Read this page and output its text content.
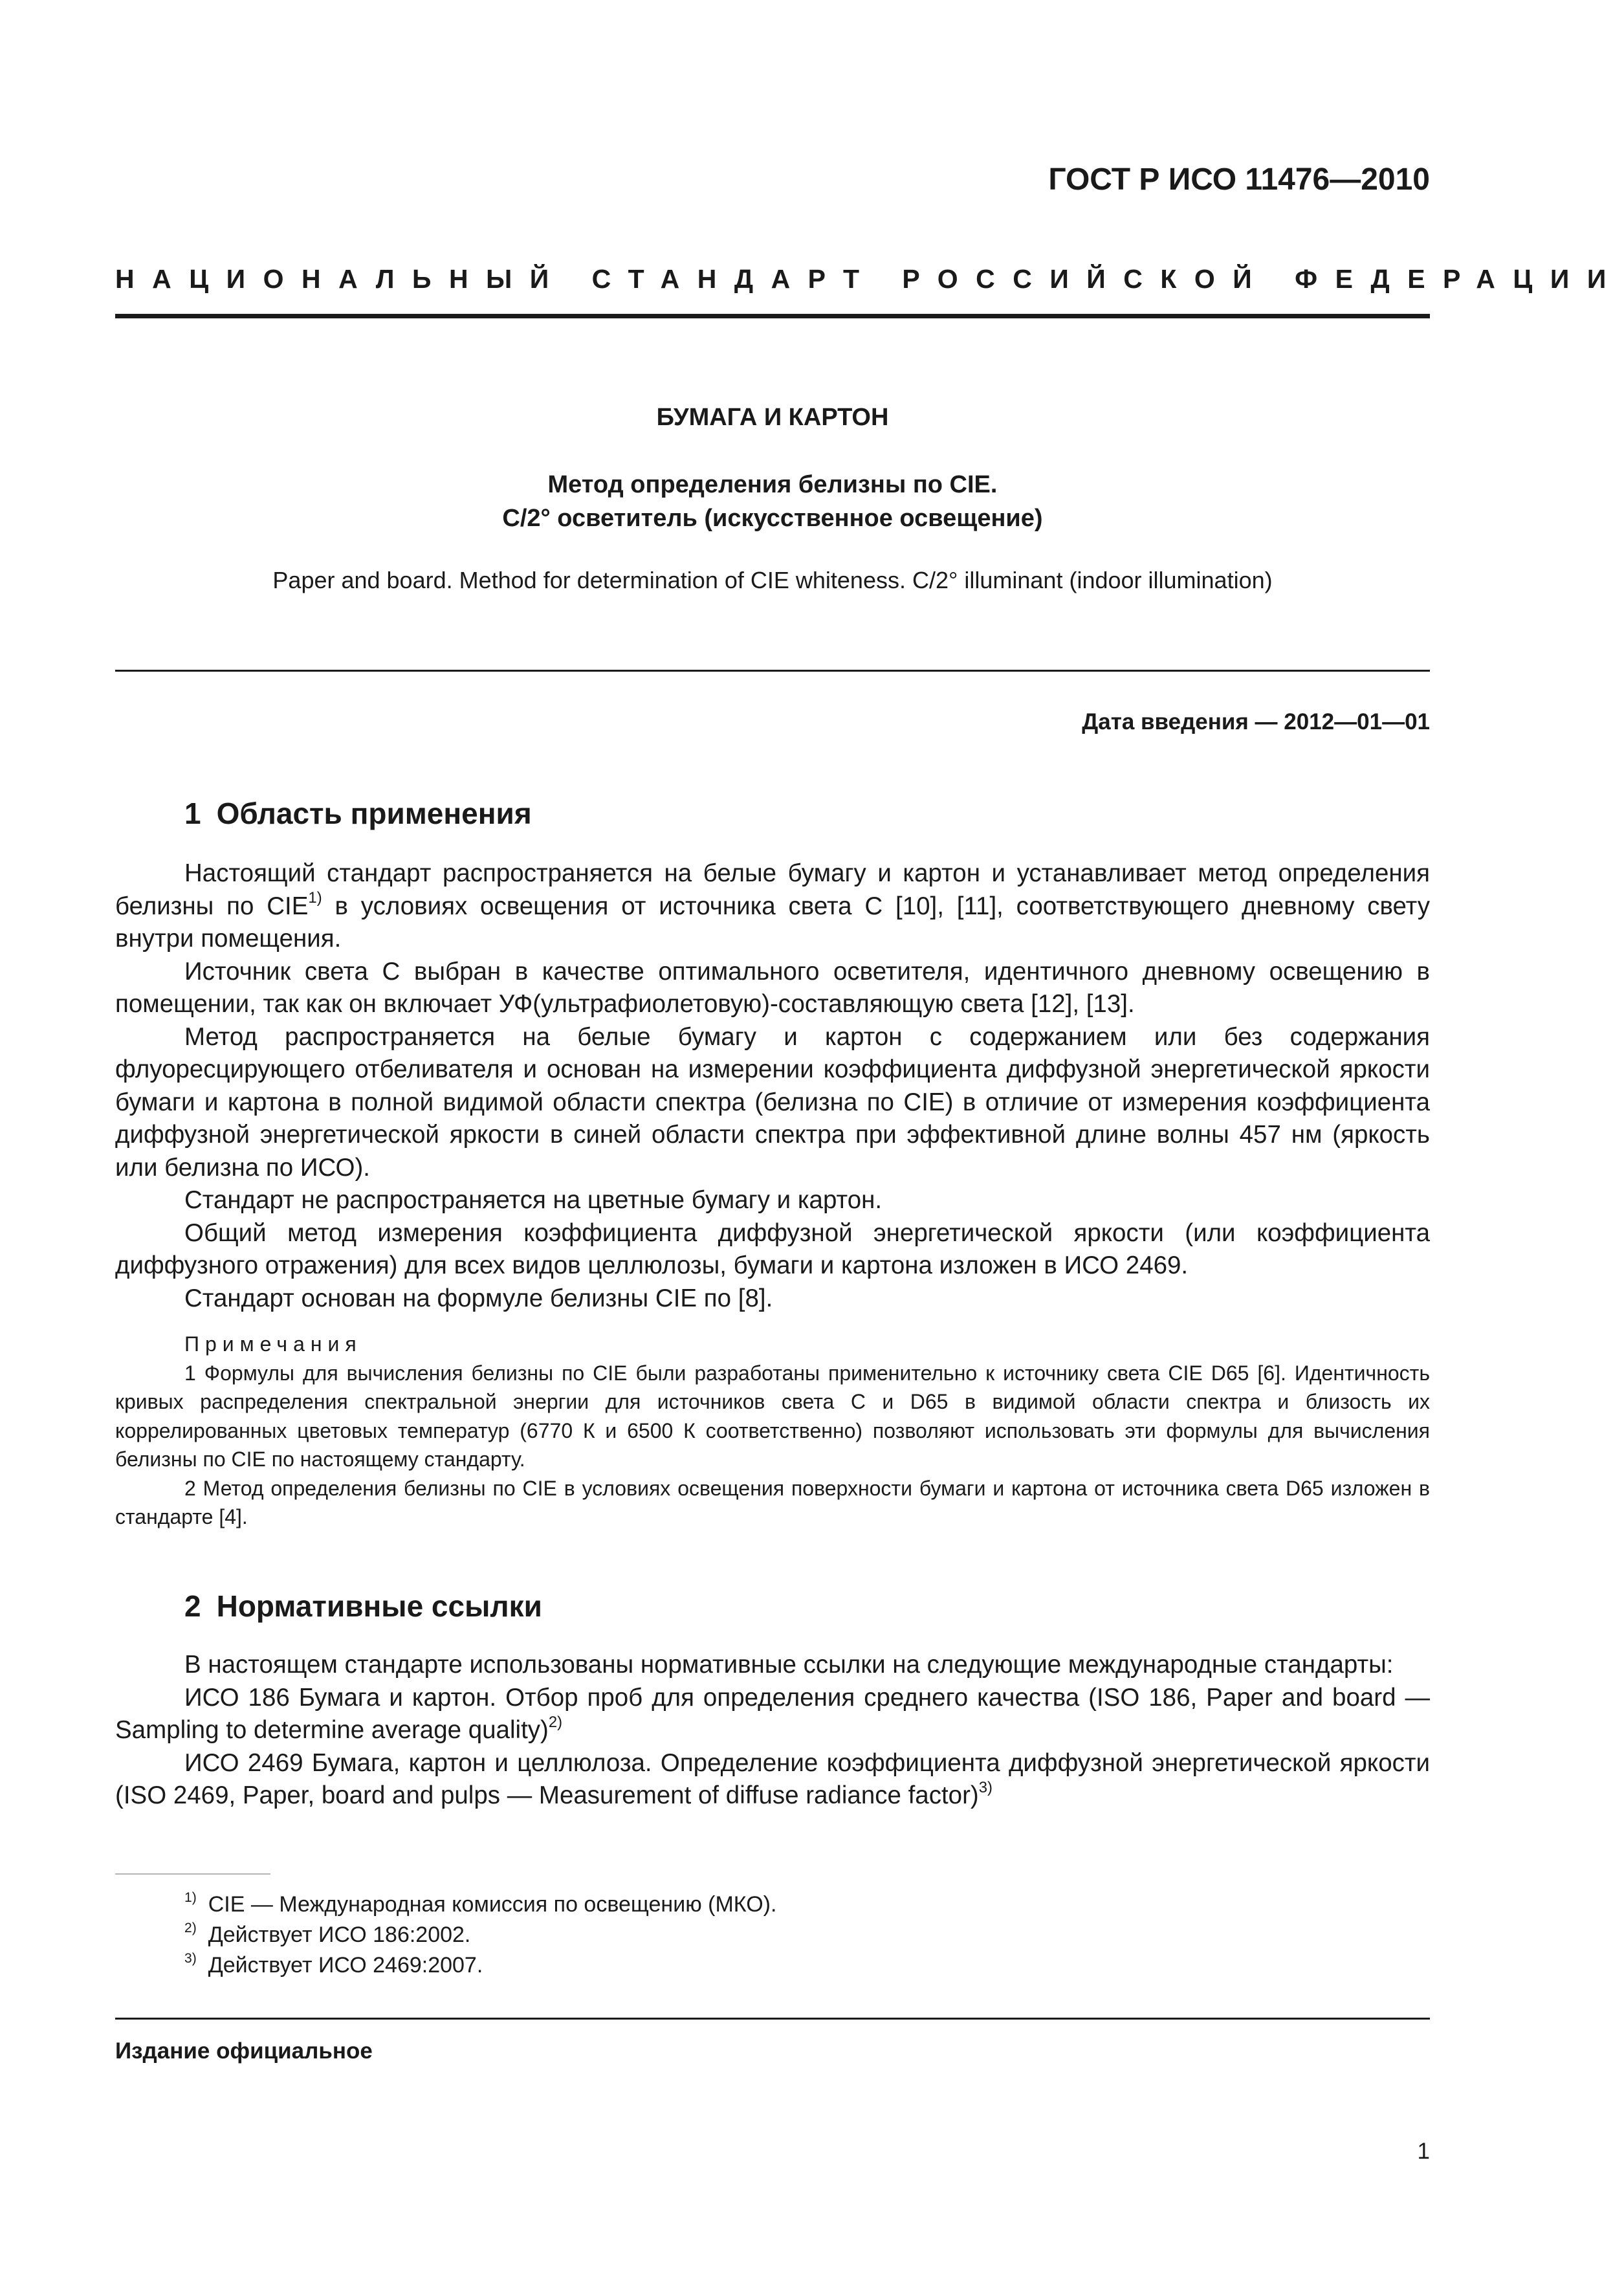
ГОСТ Р ИСО 11476—2010
НАЦИОНАЛЬНЫЙ СТАНДАРТ РОССИЙСКОЙ ФЕДЕРАЦИИ
БУМАГА И КАРТОН
Метод определения белизны по CIE.
C/2° осветитель (искусственное освещение)
Paper and board. Method for determination of CIE whiteness. C/2° illuminant (indoor illumination)
Дата введения — 2012—01—01
1 Область применения

Настоящий стандарт распространяется на белые бумагу и картон и устанавливает метод определения белизны по CIE$^{1)}$ в условиях освещения от источника света C [10], [11], соответствующего дневному свету внутри помещения.

Источник света C выбран в качестве оптимального осветителя, идентичного дневному освещению в помещении, так как он включает УФ(ультрафиолетовую)-составляющую света [12], [13].

Метод распространяется на белые бумагу и картон с содержанием или без содержания флуоресцирующего отбеливателя и основан на измерении коэффициента диффузной энергетической яркости бумаги и картона в полной видимой области спектра (белизна по CIE) в отличие от измерения коэффициента диффузной энергетической яркости в синей области спектра при эффективной длине волны 457 нм (яркость или белизна по ИСО).

Стандарт не распространяется на цветные бумагу и картон.

Общий метод измерения коэффициента диффузной энергетической яркости (или коэффициента диффузного отражения) для всех видов целлюлозы, бумаги и картона изложен в ИСО 2469.

Стандарт основан на формуле белизны CIE по [8].

Примечания

1 Формулы для вычисления белизны по CIE были разработаны применительно к источнику света CIE D65 [6]. Идентичность кривых распределения спектральной энергии для источников света C и D65 в видимой области спектра и близость их коррелированных цветовых температур (6770 К и 6500 К соответственно) позволяют использовать эти формулы для вычисления белизны по CIE по настоящему стандарту.

2 Метод определения белизны по CIE в условиях освещения поверхности бумаги и картона от источника света D65 изложен в стандарте [4].

2 Нормативные ссылки

В настоящем стандарте использованы нормативные ссылки на следующие международные стандарты:

ИСО 186 Бумага и картон. Отбор проб для определения среднего качества (ISO 186, Paper and board — Sampling to determine average quality)$^{2)}$

ИСО 2469 Бумага, картон и целлюлоза. Определение коэффициента диффузной энергетической яркости (ISO 2469, Paper, board and pulps — Measurement of diffuse radiance factor)$^{3)}$

$^{1)}$ CIE — Международная комиссия по освещению (МКО).
$^{2)}$ Действует ИСО 186:2002.
$^{3)}$ Действует ИСО 2469:2007.
Издание официальное
1
